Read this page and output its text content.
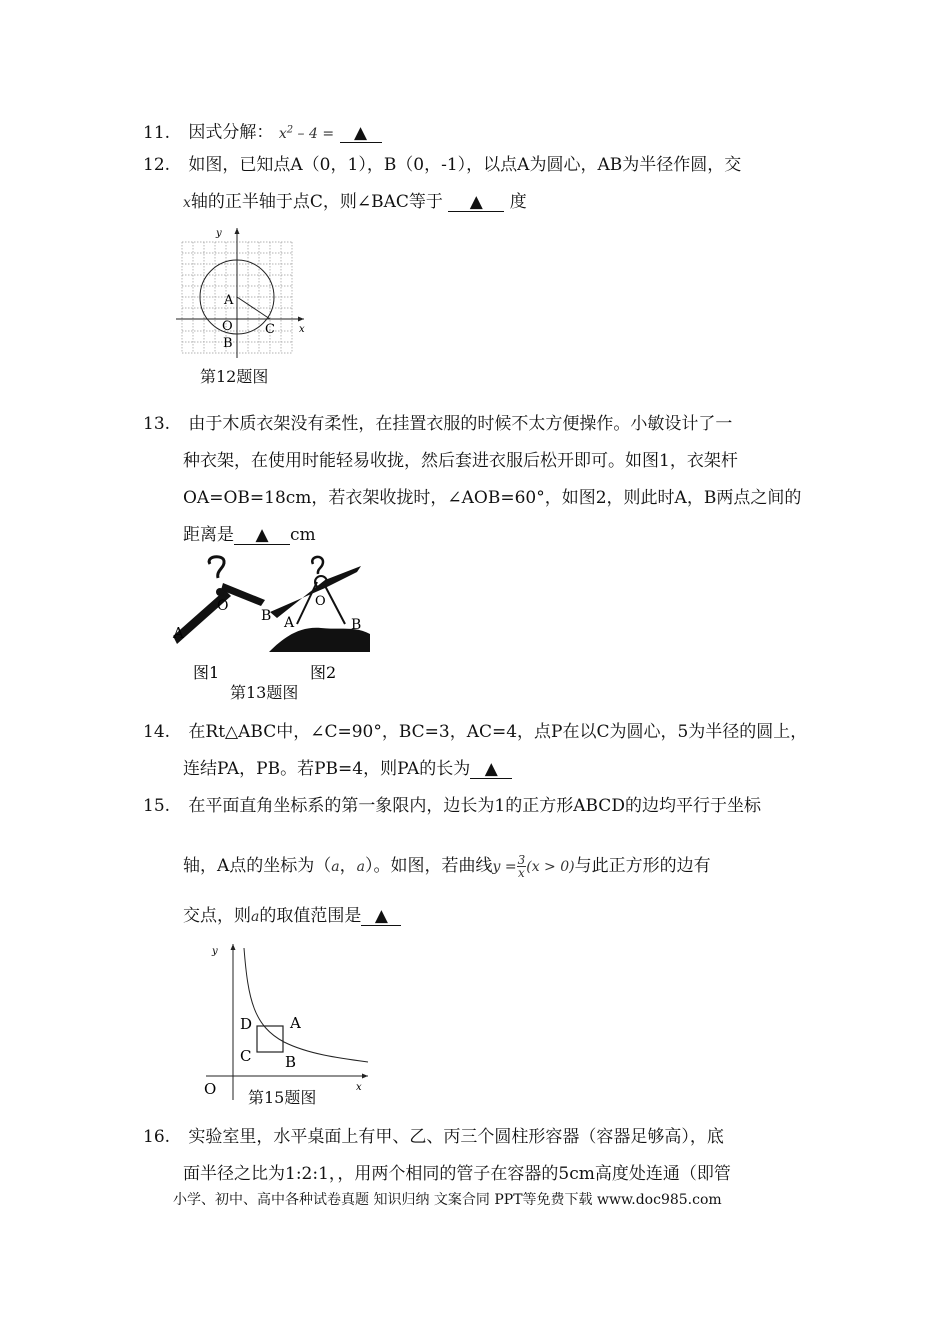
11. 因式分解： $x^2 - 4$ = ▲
12. 如图，已知点A（0，1），B（0，-1），以点A为圆心，AB为半径作圆，交
x轴的正半轴于点C，则∠BAC等于 ▲ 度
x
y
A
O
B
C
第12题图
13. 由于木质衣架没有柔性，在挂置衣服的时候不太方便操作。小敏设计了一
种衣架，在使用时能轻易收拢，然后套进衣服后松开即可。如图1，衣架杆
OA=OB=18cm，若衣架收拢时，∠AOB=60°，如图2，则此时A，B两点之间的
距离是 ▲ cm
A
O
B A
O
B
图1	图2
第13题图
14. 在Rt△ABC中，∠C=90°，BC=3，AC=4，点P在以C为圆心，5为半径的圆上，
连结PA，PB。若PB=4，则PA的长为 ▲
15. 在平面直角坐标系的第一象限内，边长为1的正方形ABCD的边均平行于坐标
轴，A点的坐标为（a，a）。如图，若曲线$y = \frac{3}{x} (x > 0)$与此正方形的边有
交点，则a的取值范围是 ▲
y
x
O
A
B
C
D
第15题图
16. 实验室里，水平桌面上有甲、乙、丙三个圆柱形容器（容器足够高），底
面半径之比为1:2:1，，用两个相同的管子在容器的5cm高度处连通（即管
小学、初中、高中各种试卷真题 知识归纳 文案合同 PPT等免费下载 www.doc985.com
